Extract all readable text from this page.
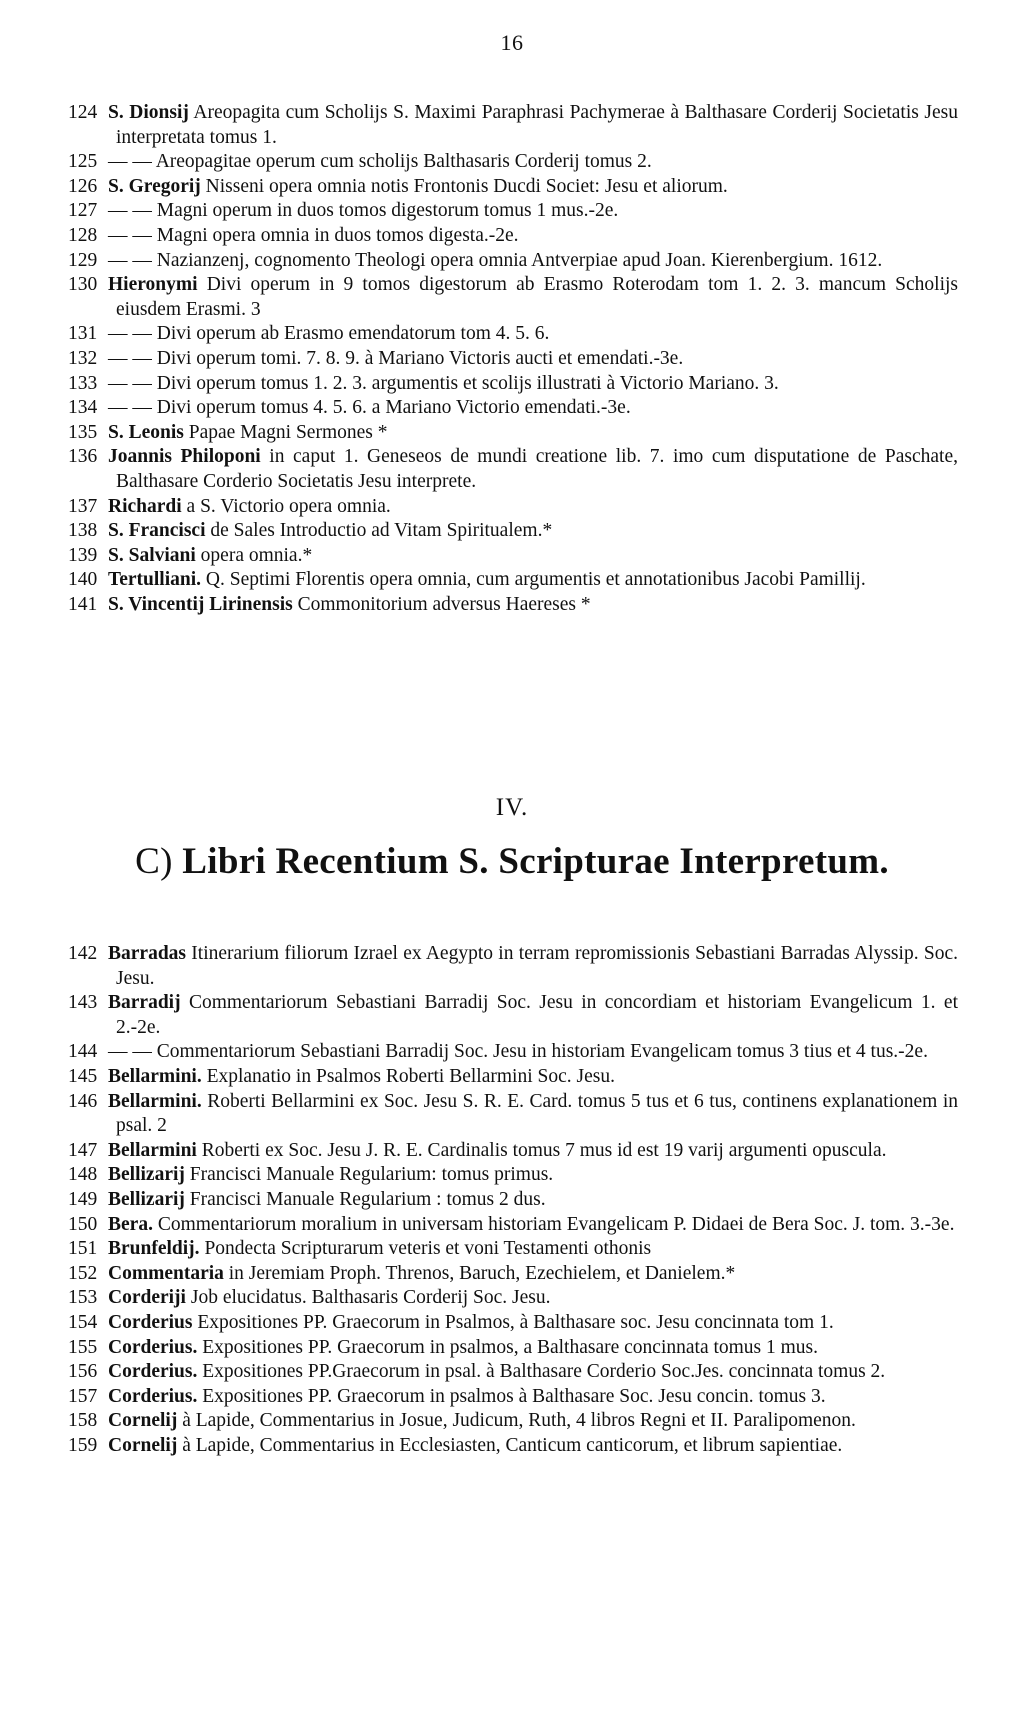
16

124 S. Dionsij Areopagita cum Scholijs S. Maximi Paraphrasi Pachymerae à Balthasare Corderij Societatis Jesu interpretata tomus 1.

125 — — Areopagitae operum cum scholijs Balthasaris Corderij tomus 2.

126 S. Gregorij Nisseni opera omnia notis Frontonis Ducdi Societ: Jesu et aliorum.

127 — — Magni operum in duos tomos digestorum tomus 1 mus.-2e.

128 — — Magni opera omnia in duos tomos digesta.-2e.

129 — — Nazianzenj, cognomento Theologi opera omnia Antverpiae apud Joan. Kierenbergium. 1612.

130 Hieronymi Divi operum in 9 tomos digestorum ab Erasmo Roterodam tom 1. 2. 3. mancum Scholijs eiusdem Erasmi. 3

131 — — Divi operum ab Erasmo emendatorum tom 4. 5. 6.

132 — — Divi operum tomi. 7. 8. 9. à Mariano Victoris aucti et emendati.-3e.

133 — — Divi operum tomus 1. 2. 3. argumentis et scolijs illustrati à Victorio Mariano. 3.

134 — — Divi operum tomus 4. 5. 6. a Mariano Victorio emendati.-3e.

135 S. Leonis Papae Magni Sermones *

136 Joannis Philoponi in caput 1. Geneseos de mundi creatione lib. 7. imo cum disputatione de Paschate, Balthasare Corderio Societatis Jesu interprete.

137 Richardi a S. Victorio opera omnia.

138 S. Francisci de Sales Introductio ad Vitam Spiritualem.*

139 S. Salviani opera omnia.*

140 Tertulliani. Q. Septimi Florentis opera omnia, cum argumentis et annotationibus Jacobi Pamillij.

141 S. Vincentij Lirinensis Commonitorium adversus Haereses *

IV.
C) Libri Recentium S. Scripturae Interpretum.

142 Barradas Itinerarium filiorum Izrael ex Aegypto in terram repromissionis Sebastiani Barradas Alyssip. Soc. Jesu.

143 Barradij Commentariorum Sebastiani Barradij Soc. Jesu in concordiam et historiam Evangelicum 1. et 2.-2e.

144 — — Commentariorum Sebastiani Barradij Soc. Jesu in historiam Evangelicam tomus 3 tius et 4 tus.-2e.

145 Bellarmini. Explanatio in Psalmos Roberti Bellarmini Soc. Jesu.

146 Bellarmini. Roberti Bellarmini ex Soc. Jesu S. R. E. Card. tomus 5 tus et 6 tus, continens explanationem in psal. 2

147 Bellarmini Roberti ex Soc. Jesu J. R. E. Cardinalis tomus 7 mus id est 19 varij argumenti opuscula.

148 Bellizarij Francisci Manuale Regularium: tomus primus.

149 Bellizarij Francisci Manuale Regularium : tomus 2 dus.

150 Bera. Commentariorum moralium in universam historiam Evangelicam P. Didaei de Bera Soc. J. tom. 3.-3e.

151 Brunfeldij. Pondecta Scripturarum veteris et voni Testamenti othonis

152 Commentaria in Jeremiam Proph. Threnos, Baruch, Ezechielem, et Danielem.*

153 Corderiji Job elucidatus. Balthasaris Corderij Soc. Jesu.

154 Corderius Expositiones PP. Graecorum in Psalmos, à Balthasare soc. Jesu concinnata tom 1.

155 Corderius. Expositiones PP. Graecorum in psalmos, a Balthasare concinnata tomus 1 mus.

156 Corderius. Expositiones PP.Graecorum in psal. à Balthasare Corderio Soc.Jes. concinnata tomus 2.

157 Corderius. Expositiones PP. Graecorum in psalmos à Balthasare Soc. Jesu concin. tomus 3.

158 Cornelij à Lapide, Commentarius in Josue, Judicum, Ruth, 4 libros Regni et II. Paralipomenon.

159 Cornelij à Lapide, Commentarius in Ecclesiasten, Canticum canticorum, et librum sapientiae.
